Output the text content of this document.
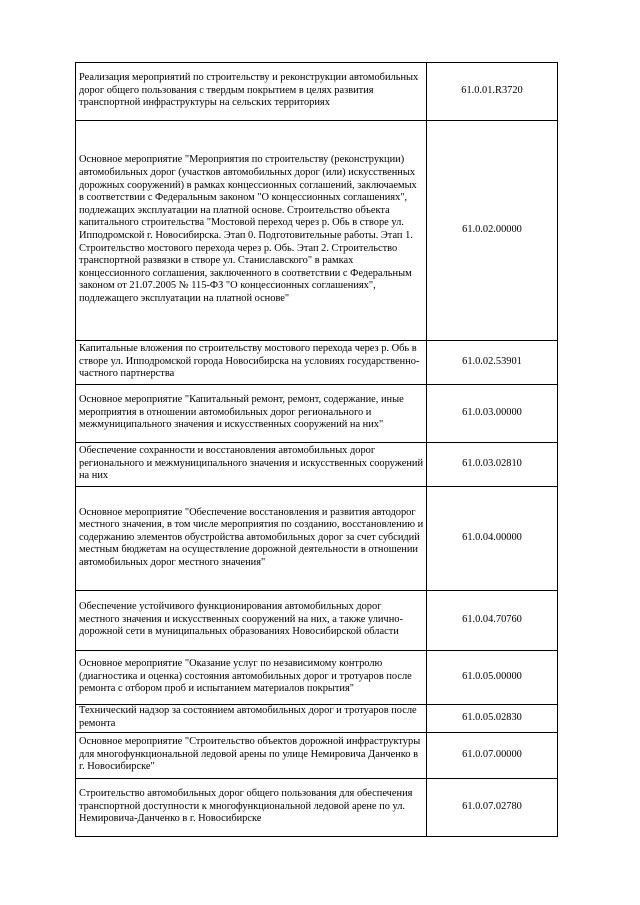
Реализация мероприятий по строительству и реконструкции автомобильных дорог общего пользования с твердым покрытием в целях развития транспортной инфраструктуры на сельских территориях	61.0.01.R3720
Основное мероприятие "Мероприятия по строительству (реконструкции) автомобильных дорог (участков автомобильных дорог (или) искусственных дорожных сооружений) в рамках концессионных соглашений, заключаемых в соответствии с Федеральным законом "О концессионных соглашениях", подлежащих эксплуатации на платной основе. Строительство объекта капитального строительства "Мостовой переход через р. Обь в створе ул. Ипподромской г. Новосибирска. Этап 0. Подготовительные работы. Этап 1. Строительство мостового перехода через р. Обь. Этап 2. Строительство транспортной развязки в створе ул. Станиславского" в рамках концессионного соглашения, заключенного в соответствии с Федеральным законом от 21.07.2005 № 115-ФЗ "О концессионных соглашениях", подлежащего эксплуатации на платной основе"	61.0.02.00000
Капитальные вложения по строительству мостового перехода через р. Обь в створе ул. Ипподромской города Новосибирска на условиях государственно-частного партнерства	61.0.02.53901
Основное мероприятие "Капитальный ремонт, ремонт, содержание, иные мероприятия в отношении автомобильных дорог регионального и межмуниципального значения и искусственных сооружений на них"	61.0.03.00000
Обеспечение сохранности и восстановления автомобильных дорог регионального и межмуниципального значения и искусственных сооружений на них	61.0.03.02810
Основное мероприятие "Обеспечение восстановления и развития автодорог местного значения, в том числе мероприятия по созданию, восстановлению и содержанию элементов обустройства автомобильных дорог за счет субсидий местным бюджетам на осуществление дорожной деятельности в отношении автомобильных дорог местного значения"	61.0.04.00000
Обеспечение устойчивого функционирования автомобильных дорог местного значения и искусственных сооружений на них, а также улично-дорожной сети в муниципальных образованиях Новосибирской области	61.0.04.70760
Основное мероприятие "Оказание услуг по независимому контролю (диагностика и оценка) состояния автомобильных дорог и тротуаров после ремонта с отбором проб и испытанием материалов покрытия"	61.0.05.00000
Технический надзор за состоянием автомобильных дорог и тротуаров после ремонта	61.0.05.02830
Основное мероприятие "Строительство объектов дорожной инфраструктуры для многофункциональной ледовой арены по улице Немировича Данченко в г. Новосибирске"	61.0.07.00000
Строительство автомобильных дорог общего пользования для обеспечения транспортной доступности к многофункциональной ледовой арене по ул. Немировича-Данченко в г. Новосибирске	61.0.07.02780
